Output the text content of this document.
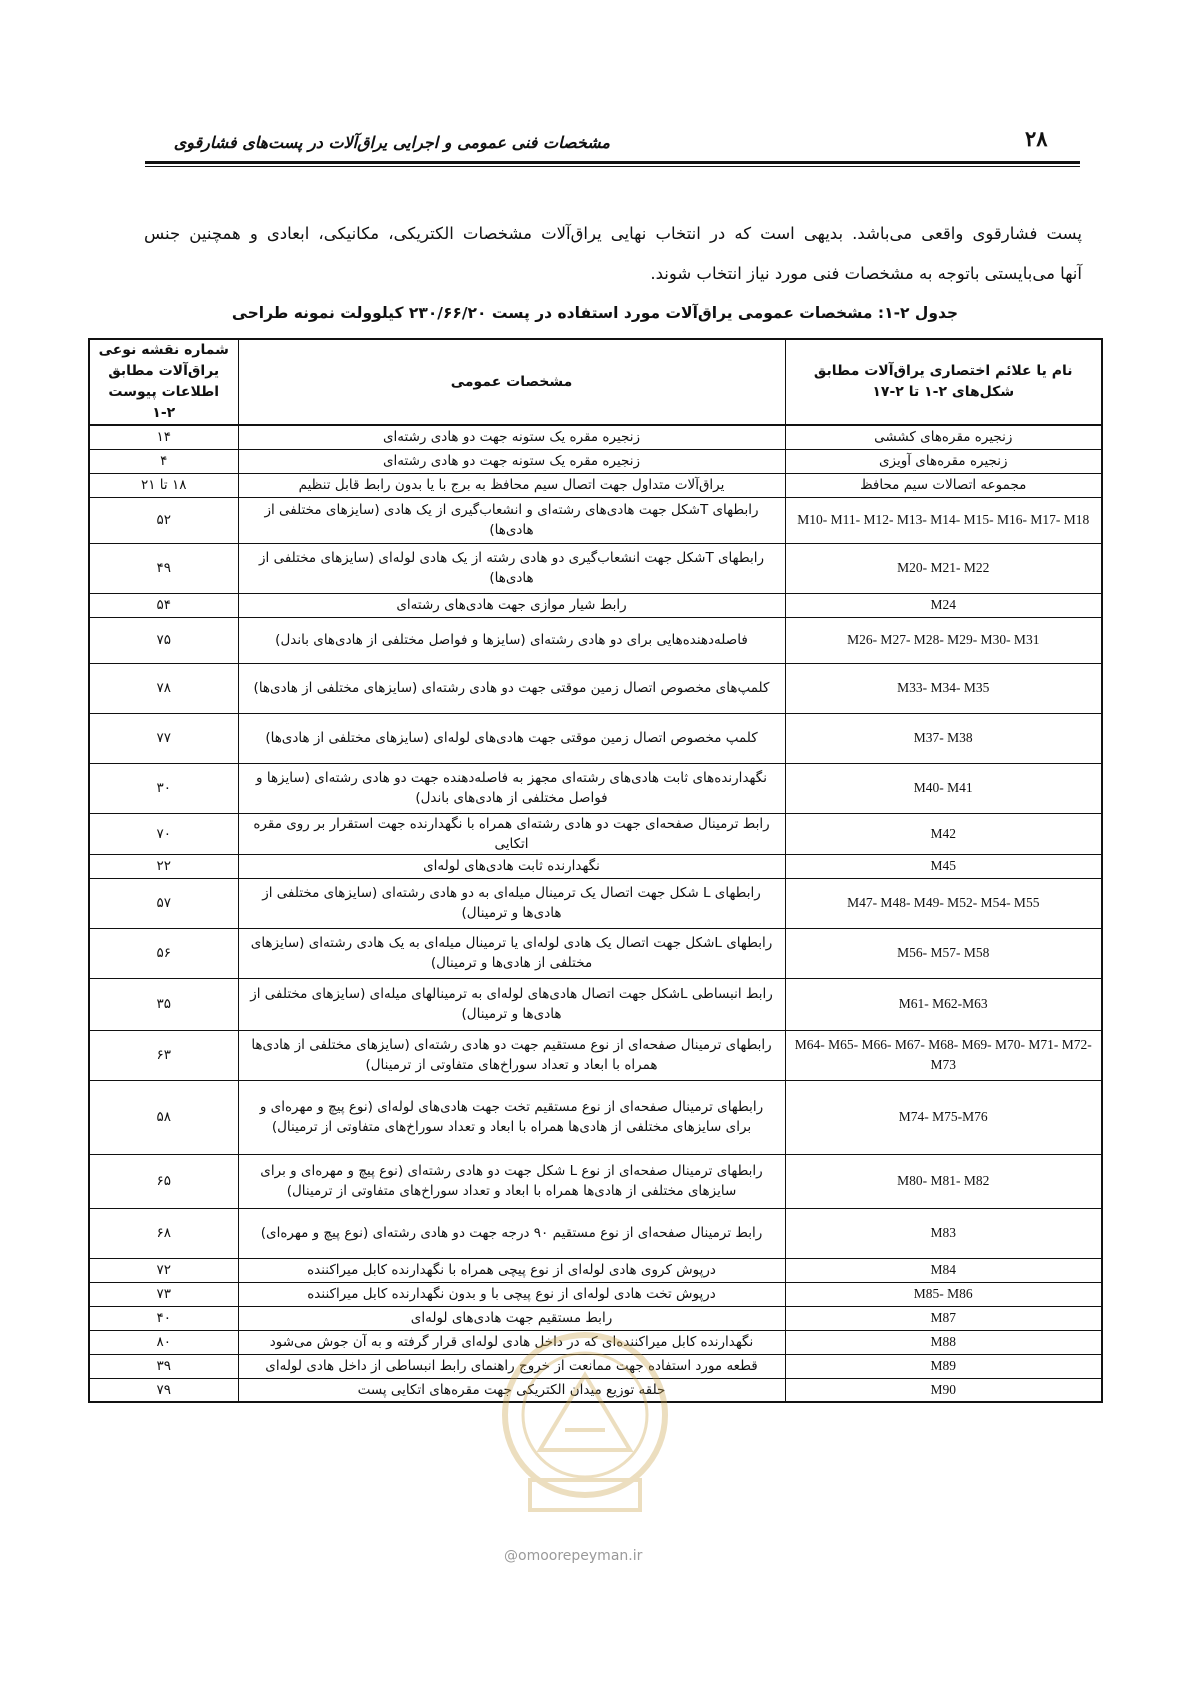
۲۸
مشخصات فنی عمومی و اجرایی یراق‌آلات در پست‌های فشارقوی
پست فشارقوی واقعی می‌باشد. بدیهی است که در انتخاب نهایی یراق‌آلات مشخصات الکتریکی، مکانیکی، ابعادی و همچنین جنس
آنها می‌بایستی باتوجه به مشخصات فنی مورد نیاز انتخاب شوند.
جدول ۲-۱: مشخصات عمومی یراق‌آلات مورد استفاده در پست ۲۳۰/۶۶/۲۰ کیلوولت نمونه طراحی
نام یا علائم اختصاری یراق‌آلات مطابق شکل‌های ۲-۱ تا ۲-۱۷	مشخصات عمومی	شماره نقشه نوعی یراق‌آلات مطابق اطلاعات پیوست ۲-۱
زنجیره مقره‌های کششی	زنجیره مقره یک ستونه جهت دو هادی رشته‌ای	۱۴
زنجیره مقره‌های آویزی	زنجیره مقره یک ستونه جهت دو هادی رشته‌ای	۴
مجموعه اتصالات سیم محافظ	یراق‌آلات متداول جهت اتصال سیم محافظ به برج با یا بدون رابط قابل تنظیم	۱۸ تا ۲۱
M10- M11- M12- M13- M14- M15- M16- M17- M18	رابطهای Tشکل جهت هادی‌های رشته‌ای و انشعاب‌گیری از یک هادی (سایزهای مختلفی از هادی‌ها)	۵۲
M20- M21- M22	رابطهای Tشکل جهت انشعاب‌گیری دو هادی رشته از یک هادی لوله‌ای (سایزهای مختلفی از هادی‌ها)	۴۹
M24	رابط شیار موازی جهت هادی‌های رشته‌ای	۵۴
M26- M27- M28- M29- M30- M31	فاصله‌دهنده‌هایی برای دو هادی رشته‌ای (سایزها و فواصل مختلفی از هادی‌های باندل)	۷۵
M33- M34- M35	کلمپ‌های مخصوص اتصال زمین موقتی جهت دو هادی رشته‌ای (سایزهای مختلفی از هادی‌ها)	۷۸
M37- M38	کلمپ مخصوص اتصال زمین موقتی جهت هادی‌های لوله‌ای (سایزهای مختلفی از هادی‌ها)	۷۷
M40- M41	نگهدارنده‌های ثابت هادی‌های رشته‌ای مجهز به فاصله‌دهنده جهت دو هادی رشته‌ای (سایزها و فواصل مختلفی از هادی‌های باندل)	۳۰
M42	رابط ترمینال صفحه‌ای جهت دو هادی رشته‌ای همراه با نگهدارنده جهت استقرار بر روی مقره اتکایی	۷۰
M45	نگهدارنده ثابت هادی‌های لوله‌ای	۲۲
M47- M48- M49- M52- M54- M55	رابطهای L شکل جهت اتصال یک ترمینال میله‌ای به دو هادی رشته‌ای (سایزهای مختلفی از هادی‌ها و ترمینال)	۵۷
M56- M57- M58	رابطهای Lشکل جهت اتصال یک هادی لوله‌ای یا ترمینال میله‌ای به یک هادی رشته‌ای (سایزهای مختلفی از هادی‌ها و ترمینال)	۵۶
M61- M62-M63	رابط انبساطی Lشکل جهت اتصال هادی‌های لوله‌ای به ترمینالهای میله‌ای (سایزهای مختلفی از هادی‌ها و ترمینال)	۳۵
M64- M65- M66- M67- M68- M69- M70- M71- M72- M73	رابطهای ترمینال صفحه‌ای از نوع مستقیم جهت دو هادی رشته‌ای (سایزهای مختلفی از هادی‌ها همراه با ابعاد و تعداد سوراخ‌های متفاوتی از ترمینال)	۶۳
M74- M75-M76	رابطهای ترمینال صفحه‌ای از نوع مستقیم تخت جهت هادی‌های لوله‌ای (نوع پیچ و مهره‌ای و برای سایزهای مختلفی از هادی‌ها همراه با ابعاد و تعداد سوراخ‌های متفاوتی از ترمینال)	۵۸
M80- M81- M82	رابطهای ترمینال صفحه‌ای از نوع L شکل جهت دو هادی رشته‌ای (نوع پیچ و مهره‌ای و برای سایزهای مختلفی از هادی‌ها همراه با ابعاد و تعداد سوراخ‌های متفاوتی از ترمینال)	۶۵
M83	رابط ترمینال صفحه‌ای از نوع مستقیم ۹۰ درجه جهت دو هادی رشته‌ای (نوع پیچ و مهره‌ای)	۶۸
M84	درپوش کروی هادی لوله‌ای از نوع پیچی همراه با نگهدارنده کابل میراکننده	۷۲
M85- M86	درپوش تخت هادی لوله‌ای از نوع پیچی با و بدون نگهدارنده کابل میراکننده	۷۳
M87	رابط مستقیم جهت هادی‌های لوله‌ای	۴۰
M88	نگهدارنده کابل میراکننده‌ای که در داخل هادی لوله‌ای قرار گرفته و به آن جوش می‌شود	۸۰
M89	قطعه مورد استفاده جهت ممانعت از خروج راهنمای رابط انبساطی از داخل هادی لوله‌ای	۳۹
M90	حلقه توزیع میدان الکتریکی جهت مقره‌های اتکایی پست	۷۹
@omoorepeyman.ir
